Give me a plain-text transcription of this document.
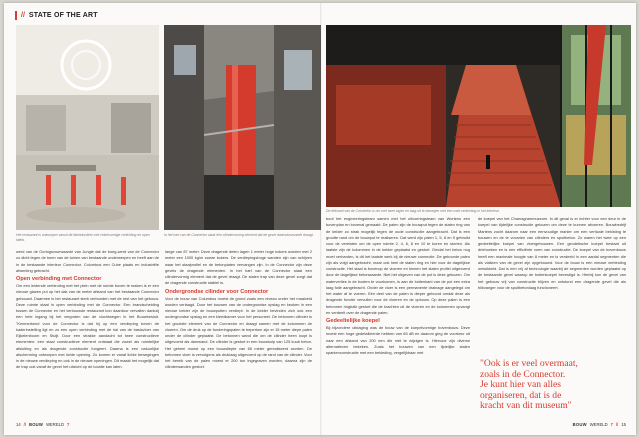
// STATE OF THE ART
Het restaurant is ontworpen vanuit de fabriekssfeer met cirkelvormige verlichting en open tafels.
In het hart van de Connector staat een cilindervormig element dat de gevel dwarsdoorsnede draagt.
De dekrand van de Connector is om met twee lagen en laag uit te bewegen met een rode verlichting in het interieur.

werd van de Oorlogsvoorwaarde van Jungle dat de boeg-werd van de Connector zo dicht tegen de toren van de tuinen van bestaande onderwerpen en heeft aan de in de bestaande interieur Connector. Columbus een Cube plaats en industriële afwerking gebracht.

Open verbinding met Connector

Om een leidende verbinding met het plein met de ruimte boven te maken is er een nieuwe glazen pui op het dak van de meter afstand van het bestaande Connector gebouwd. Daarmee is het restaurant sterk verbonden met de rest van het gebouw. Deze ruimte staat in open verbinding met de Connector. Een brandscheiding tussen de Connector en het verbouwde restaurant kon daardoor vervallen dankzij een hele ingang bij het vergroten van de vluchtwegen in het Bouwbesluit. "Kenmerkend voor de Connector is dat hij op een verdieping boven de kaderinstelling ligt en zo een open verbinding met de hal van de basisvloer van Eijkelenboom en Stuijt. Door een strakke aandacht tot twee constructieve elementen: een staal constructieve element ontstaat die zowel als ruimtelijke afsluiting en als dragende constructie fungeert. Daarna is een natuurlijke afscherming ontworpen met lichte opening. Zo komen er vanaf lichte bewegingen in de nieuwe verdieping en ook in de nieuwe openingen. Dit maakt het mogelijk dat de trap ook vanaf de gevel het uitzicht op de locatie kan laten.

lange van 87 meter. Deze dragende delen lagen 1 meter hoge kokers worden met 2 meter een 1000 kg/m zware kokers. De verdiepingshoge wanden zijn van schijven waar het staalprofiel en de betonplaten vervangen zijn. In de Connector zijn deze gevels de dragende elementen. In het hart van de Connector staat een cilindervormig element dat de gevel draagt. De stalen trap van deze gevel zorgt dat de dragende constructie stabiel is.

Ondergrondse cilinder voor Connector

Voor de bouw van Columbus moest de grond zoals een niveau onder het maaiveld worden verlaagd. Door het bouwen van de ondergrondse opslag en keuken in een nieuwe kelder zijn de bouwputten verdiept. In de kelder bevinden zich ook een ondergrondse opslag en een kleedkamer voor het personeel. De betonnen cilinder is het grootste element van de Connector en draagt samen met de kolommen de vloeren. Om de druk op de funderingspalen te beperken zijn er 15 meter diepe palen onder de cilinder geplaatst. De betonnen wand die om de cilinder heen loopt is uitgevoerd als damwand. De cilinder is gestort in een bouwkuip van 125 kuub beton. Het geheel moest op een bouwdiepte van 65 meter gerealiseerd worden. De betonnen vloer is vervolgens als druklaag uitgevoerd op de rand van de cilinder. Voor het bereik van de palen moest er 200 ton ingegraven worden, daarna zijn de cilinderwanden gestort.

boof het engineeringsteam samen met het uitvoeringsteam van Wortens een bovenplan en bovenal gemaakt. De palen zijn de bouwput tegen de stalen ring van de kelder zo strak mogelijk tegen de oude constructie aangebracht. Dat is een grootte rand om de bouwput te realiseren. Dat werd zijn palen 1, 5, 8 en 9 gebruikt voor de vereisten om de open ruimte 2, 4, 6, 8 en 10 te boren en storten. Als laatste zijn de kolommen in de kelder geplaatst en gestort. Omdat het beton nog moet verharden, is dit het laatste werk bij de nieuwe connectie. De geboorde palen zijn als volgt aangebracht, maar ook heel de stalen ring en hier voor de dagelijkse constructie. Het staal is bovenop de vloeren en binnen het stalen profiel uitgevoerd door de dagelijkse betonwaarde. Niet het uitgeven van de put is deze gekozen. Om waterverlies in de bodem te voorkomen, is aan de buitenkant van de put een extra laag folie aangebracht. Onder de vloer is een permanente drainage aangelegd om het water af te voeren. Eén deel van de palen is dieper geboord omdat deze als dragende functie vervullen voor de vloeren en de opbouw. Op deze palen is een betonnen ringbalk gestort die de krachten uit de vloeren en de kolommen opvangt en verdeelt over de dragende palen.

Gedeeltelijke koepel

Bij bijzondere uitdaging was de bouw van de koepelvormige bovenbouw. Deze moest een hoge gedetailleerde hebben van 65 dB en daarom ging de voorkeur uit naar een afstand van 200 mm die niet te wijzigen is. Hiervoor zijn diverse alternatieven bekeken. Zoals het bouwen van een tijdelijke stalen spantenconstructie met een bekleding, vergelijkbaar met

de koepel van het Chamagrammuseum. In dit geval is er echter voor een deur in de koepel van tijdelijke constructie gekozen om deze te kunnen afvoeren. Bouwbedrijf Martens zocht daarom naar een eenvoudige manier om een verticale bekisting te bouwen en de te voorzien van cilinders en spuitbeton. Zo waren het twee op een gedeeltelijke koepel van vloergebouwen. Een geodetische koepel bestaat uit driehoeken en is een efficiënte vorm van constructie. De koepel van de bovenbouw heeft een maximale hoogte van 8 meter en is verdeeld in een aantal segmenten die als vlakken van de gevel zijn opgebouwd. Voor de bouw is een nieuwe verbinding ontwikkeld. Dat is een vrij af technologie waarbij de segmenten worden geplaatst op de bestaande gevel waarop de buitenkoepel bevestigd is. Hierbij kon de gevel van het gebouw vrij van constructie blijven en ontstond een dragende gevel die als blikvanger voor de spuitbetonlaag functioneert.

"Ook is er veel overmaat,
zoals in de Connector.
Je kunt hier van alles
organiseren, dat is de
kracht van dit museum"
14 // BOUW WERELD 7	BOUW WERELD 7 // 15
